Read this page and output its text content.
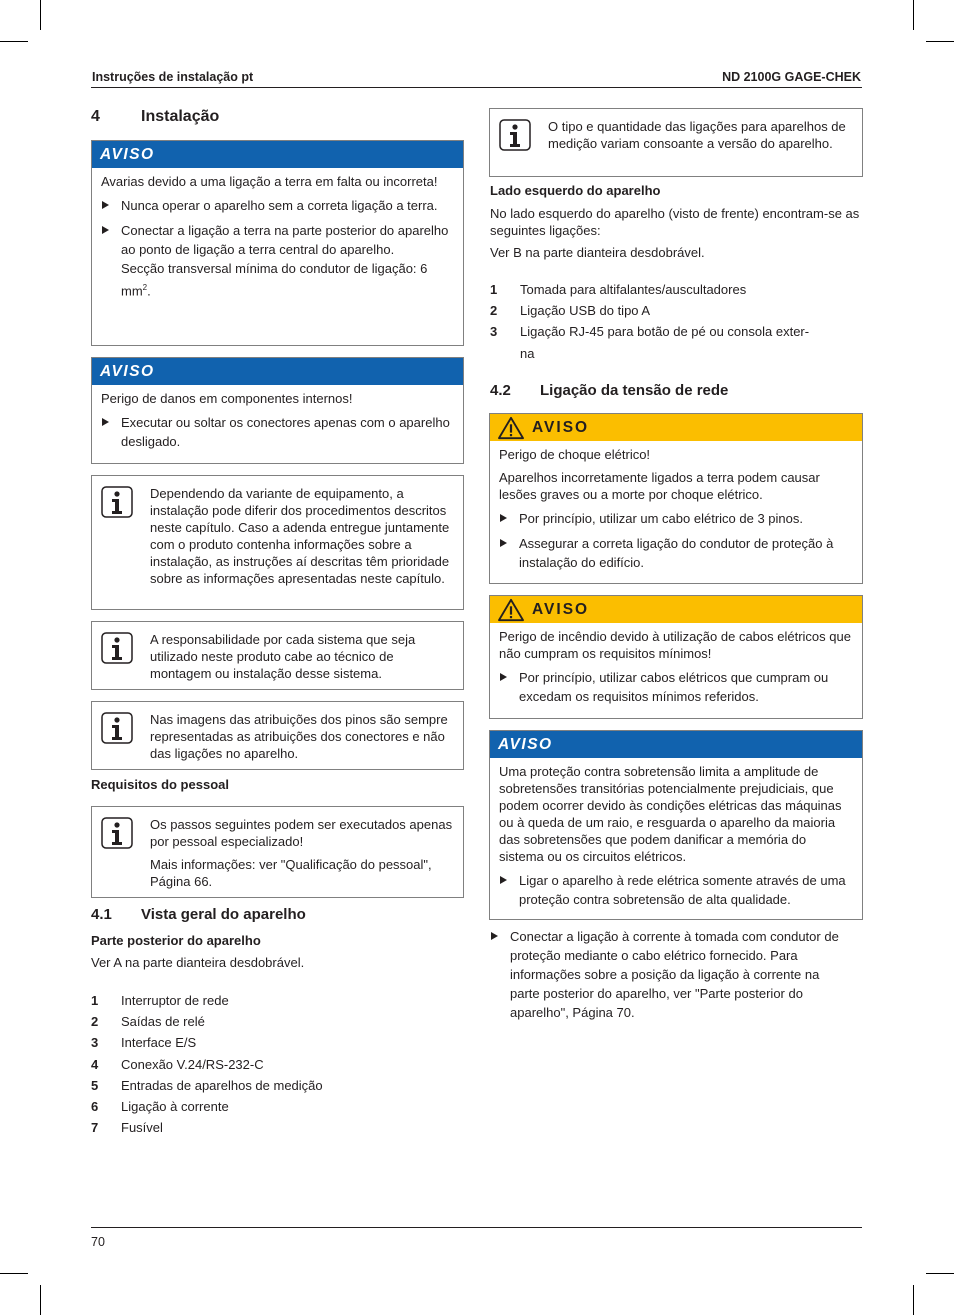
Instruções de instalação pt	ND 2100G GAGE-CHEK
4	Instalação
AVISO

Avarias devido a uma ligação a terra em falta ou incorreta!

Nunca operar o aparelho sem a correta ligação a terra.
Conectar a ligação a terra na parte posterior do aparelho ao ponto de ligação a terra central do aparelho.
Secção transversal mínima do condutor de ligação: 6 $mm^2$.
AVISO

Perigo de danos em componentes internos!

Executar ou soltar os conectores apenas com o aparelho desligado.

Dependendo da variante de equipamento, a instalação pode diferir dos procedimentos descritos neste capítulo. Caso a adenda entregue juntamente com o produto contenha informações sobre a instalação, as instruções aí descritas têm prioridade sobre as informações apresentadas neste capítulo.

A responsabilidade por cada sistema que seja utilizado neste produto cabe ao técnico de montagem ou instalação desse sistema.

Nas imagens das atribuições dos pinos são sempre representadas as atribuições dos conectores e não das ligações no aparelho.

Requisitos do pessoal

Os passos seguintes podem ser executados apenas por pessoal especializado!

Mais informações: ver "Qualificação do pessoal", Página 66.

4.1 Vista geral do aparelho
Parte posterior do aparelho
Ver A na parte dianteira desdobrável.
1 Interruptor de rede
2 Saídas de relé
3 Interface E/S
4 Conexão V.24/RS-232-C
5 Entradas de aparelhos de medição
6 Ligação à corrente
7 Fusível

O tipo e quantidade das ligações para aparelhos de medição variam consoante a versão do aparelho.

Lado esquerdo do aparelho
No lado esquerdo do aparelho (visto de frente) encontram-se as seguintes ligações:
Ver B na parte dianteira desdobrável.
1 Tomada para altifalantes/auscultadores
2 Ligação USB do tipo A
3 Ligação RJ-45 para botão de pé ou consola exter- na
4.2 Ligação da tensão de rede
AVISO

Perigo de choque elétrico!

Aparelhos incorretamente ligados a terra podem causar lesões graves ou a morte por choque elétrico.

Por princípio, utilizar um cabo elétrico de 3 pinos.
Assegurar a correta ligação do condutor de proteção à instalação do edifício.
AVISO

Perigo de incêndio devido à utilização de cabos elétricos que não cumpram os requisitos mínimos!

Por princípio, utilizar cabos elétricos que cumpram ou excedam os requisitos mínimos referidos.
AVISO

Uma proteção contra sobretensão limita a amplitude de sobretensões transitórias potencialmente prejudiciais, que podem ocorrer devido às condições elétricas das máquinas ou à queda de um raio, e resguarda o aparelho da maioria das sobretensões que podem danificar a memória do sistema ou os circuitos elétricos.

Ligar o aparelho à rede elétrica somente através de uma proteção contra sobretensão de alta qualidade.
Conectar a ligação à corrente à tomada com condutor de proteção mediante o cabo elétrico fornecido. Para informações sobre a posição da ligação à corrente na parte posterior do aparelho, ver "Parte posterior do aparelho", Página 70.
70
